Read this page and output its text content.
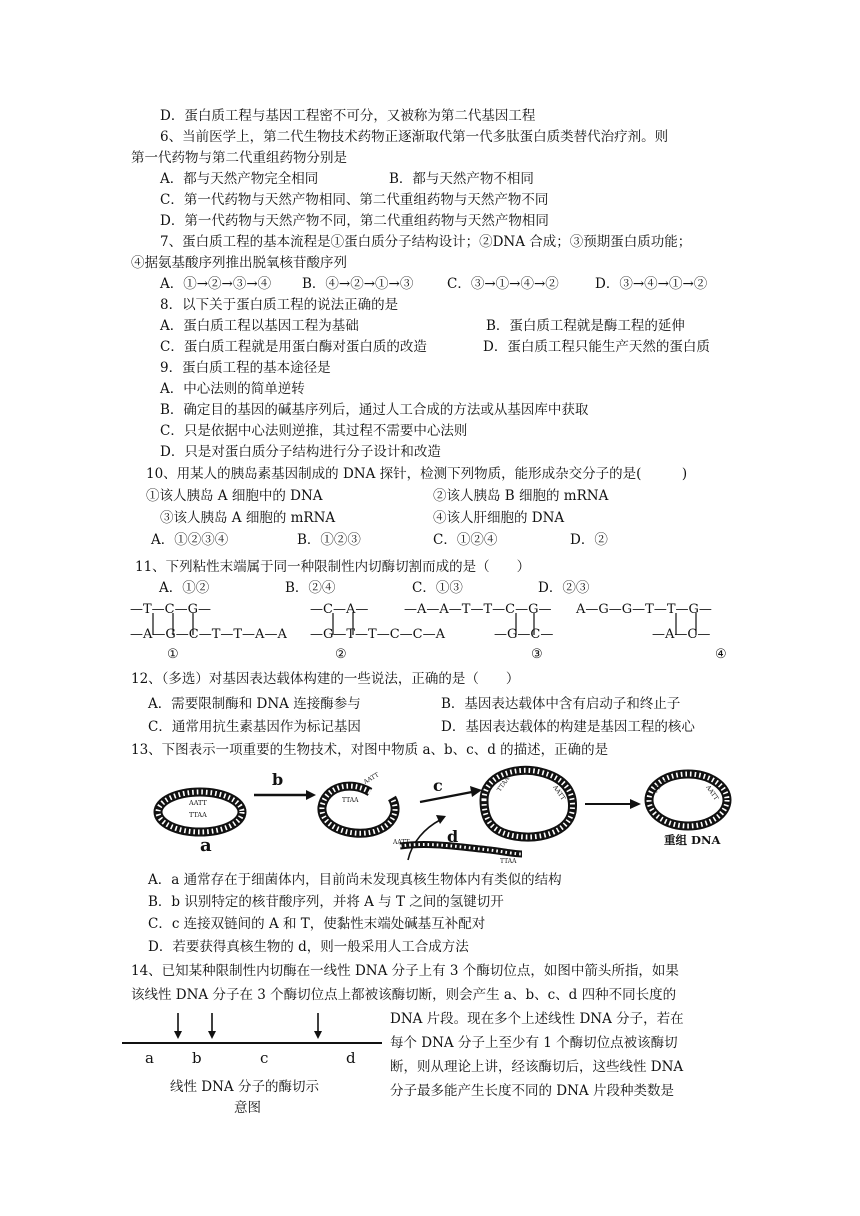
D．蛋白质工程与基因工程密不可分，又被称为第二代基因工程
6、当前医学上，第二代生物技术药物正逐渐取代第一代多肽蛋白质类替代治疗剂。则
第一代药物与第二代重组药物分别是
A．都与天然产物完全相同	B．都与天然产物不相同
C．第一代药物与天然产物相同、第二代重组药物与天然产物不同
D．第一代药物与天然产物不同，第二代重组药物与天然产物相同
7、蛋白质工程的基本流程是①蛋白质分子结构设计；②DNA 合成；③预期蛋白质功能；
④据氨基酸序列推出脱氧核苷酸序列
A．①→②→③→④ B．④→②→①→③ C．③→①→④→②	D．③→④→①→②
8．以下关于蛋白质工程的说法正确的是
A．蛋白质工程以基因工程为基础	B．蛋白质工程就是酶工程的延伸
C．蛋白质工程就是用蛋白酶对蛋白质的改造	D．蛋白质工程只能生产天然的蛋白质
9．蛋白质工程的基本途径是
A．中心法则的简单逆转
B．确定目的基因的碱基序列后，通过人工合成的方法或从基因库中获取
C．只是依据中心法则逆推，其过程不需要中心法则
D．只是对蛋白质分子结构进行分子设计和改造
10、用某人的胰岛素基因制成的 DNA 探针，检测下列物质，能形成杂交分子的是(　　　)
①该人胰岛 A 细胞中的 DNA	②该人胰岛 B 细胞的 mRNA
③该人胰岛 A 细胞的 mRNA	④该人肝细胞的 DNA
A．①②③④	B．①②③	C．①②④	D．②
11、下列粘性末端属于同一种限制性内切酶切割而成的是（　　）
A．①②	B．②④	C．①③	D．②③
—T—C—G—
—A—G—C—T—T—A—A
①
—C—A—
—G—T—T—C—C—A
②
—A—A—T—T—C—G—
—G—C—
③
A—G—G—T—T—G—
—A—C—
④
12、（多选）对基因表达载体构建的一些说法，正确的是（　　）
A．需要限制酶和 DNA 连接酶参与	B．基因表达载体中含有启动子和终止子
C．通常用抗生素基因作为标记基因	D．基因表达载体的构建是基因工程的核心
13、下图表示一项重要的生物技术，对图中物质 a、b、c、d 的描述，正确的是
AATT
TTAA
a
b	AATT
TTAA
c
AATT
TTAA
d
AATT
TTAA	AATT
TTAA
重组 DNA
A．a 通常存在于细菌体内，目前尚未发现真核生物体内有类似的结构
B．b 识别特定的核苷酸序列，并将 A 与 T 之间的氢键切开
C．c 连接双链间的 A 和 T，使黏性末端处碱基互补配对
D．若要获得真核生物的 d，则一般采用人工合成方法
14、已知某种限制性内切酶在一线性 DNA 分子上有 3 个酶切位点，如图中箭头所指，如果
该线性 DNA 分子在 3 个酶切位点上都被该酶切断，则会产生 a、b、c、d 四种不同长度的
DNA 片段。现在多个上述线性 DNA 分子，若在
每个 DNA 分子上至少有 1 个酶切位点被该酶切
断，则从理论上讲，经该酶切后，这些线性 DNA
分子最多能产生长度不同的 DNA 片段种类数是
a	b	c	d
线性 DNA 分子的酶切示
意图
